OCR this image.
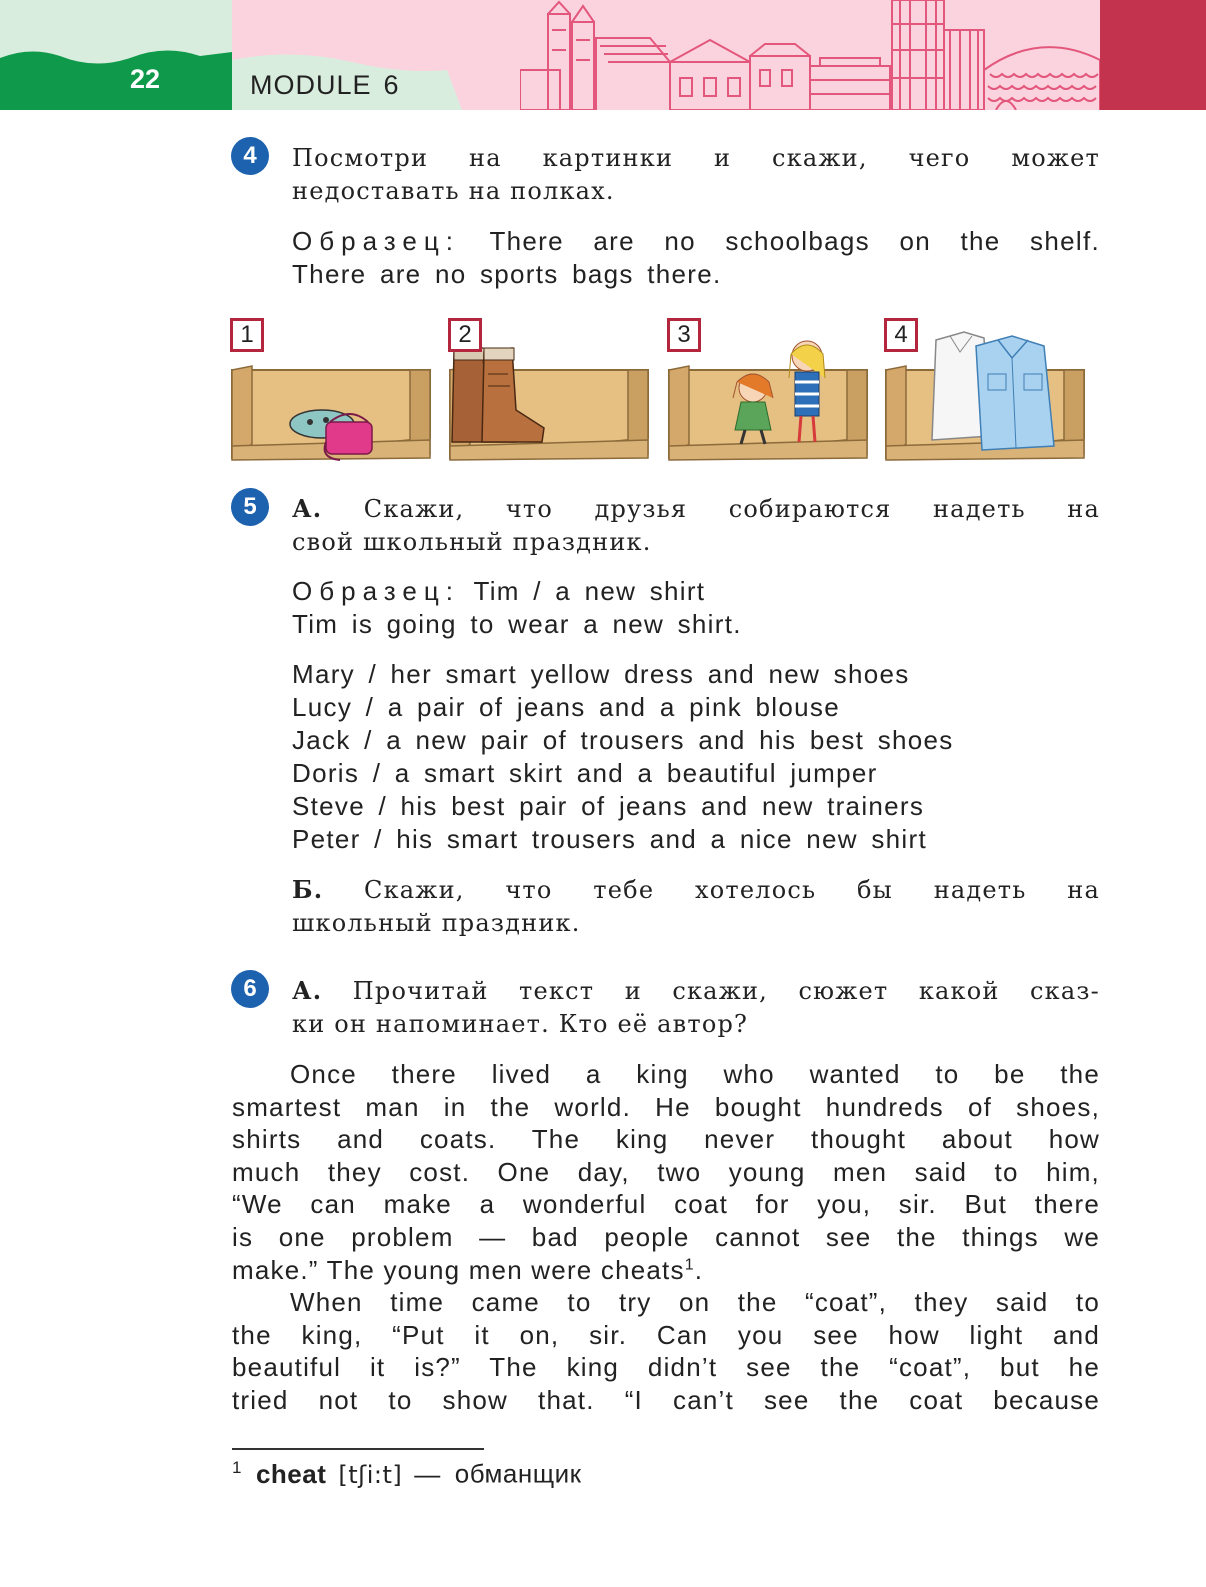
22	MODULE 6
4	Посмотри на картинки и скажи, чего может

недоставать на полках.

Образец: There are no schoolbags on the shelf.
There are no sports bags there.
1	2	3	4
5	А. Скажи, что друзья собираются надеть на

свой школьный праздник.

Образец: Tim / a new shirt
Tim is going to wear a new shirt.
Mary / her smart yellow dress and new shoes
Lucy / a pair of jeans and a pink blouse
Jack / a new pair of trousers and his best shoes
Doris / a smart skirt and a beautiful jumper
Steve / his best pair of jeans and new trainers
Peter / his smart trousers and a nice new shirt

Б. Скажи, что тебе хотелось бы надеть на

школьный праздник.

6	А. Прочитай текст и скажи, сюжет какой сказ-

ки он напоминает. Кто её автор?

Once there lived a king who wanted to be the
smartest man in the world. He bought hundreds of shoes,
shirts and coats. The king never thought about how
much they cost. One day, two young men said to him,
“We can make a wonderful coat for you, sir. But there
is one problem — bad people cannot see the things we
make.” The young men were cheats$^1$.
When time came to try on the “coat”, they said to
the king, “Put it on, sir. Can you see how light and
beautiful it is?” The king didn’t see the “coat”, but he
tried not to show that. “I can’t see the coat because
$^1$ cheat [tʃi:t] — обманщик
